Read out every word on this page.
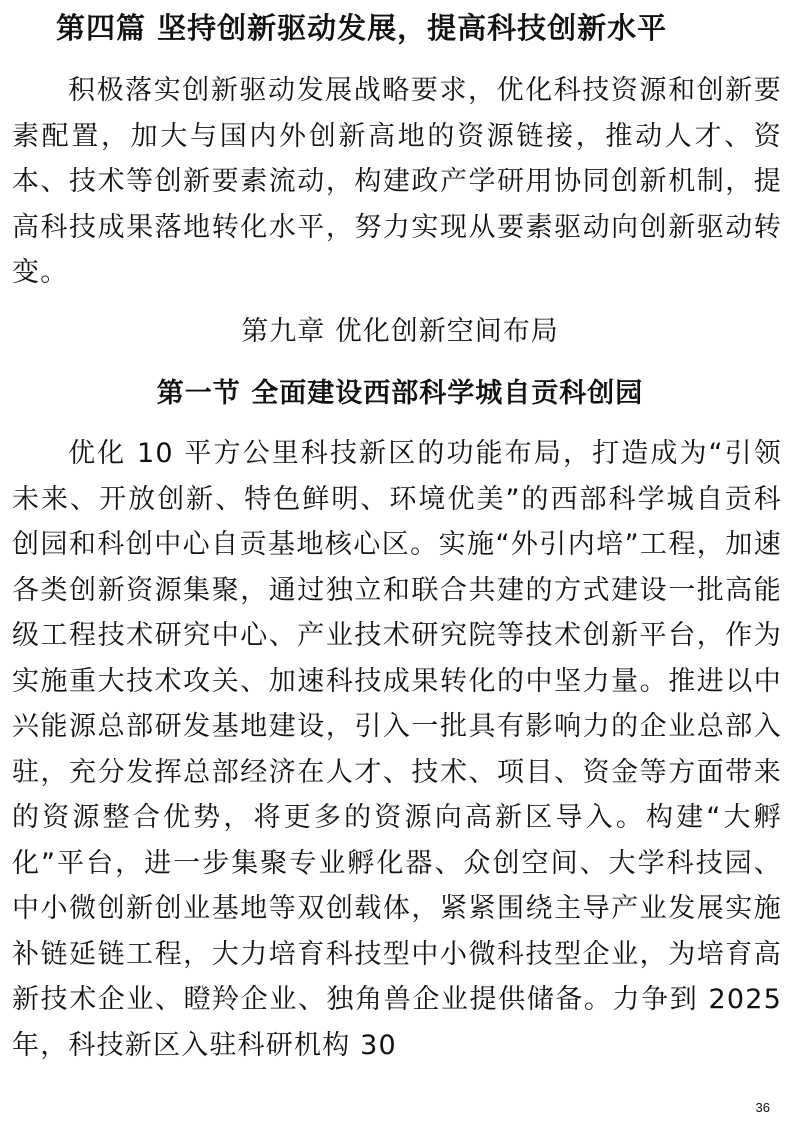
第四篇 坚持创新驱动发展，提高科技创新水平

积极落实创新驱动发展战略要求，优化科技资源和创新要素配置，加大与国内外创新高地的资源链接，推动人才、资本、技术等创新要素流动，构建政产学研用协同创新机制，提高科技成果落地转化水平，努力实现从要素驱动向创新驱动转变。

第九章 优化创新空间布局
第一节 全面建设西部科学城自贡科创园

优化 10 平方公里科技新区的功能布局，打造成为“引领未来、开放创新、特色鲜明、环境优美”的西部科学城自贡科创园和科创中心自贡基地核心区。实施“外引内培”工程，加速各类创新资源集聚，通过独立和联合共建的方式建设一批高能级工程技术研究中心、产业技术研究院等技术创新平台，作为实施重大技术攻关、加速科技成果转化的中坚力量。推进以中兴能源总部研发基地建设，引入一批具有影响力的企业总部入驻，充分发挥总部经济在人才、技术、项目、资金等方面带来的资源整合优势，将更多的资源向高新区导入。构建“大孵化”平台，进一步集聚专业孵化器、众创空间、大学科技园、中小微创新创业基地等双创载体，紧紧围绕主导产业发展实施补链延链工程，大力培育科技型中小微科技型企业，为培育高新技术企业、瞪羚企业、独角兽企业提供储备。力争到 2025 年，科技新区入驻科研机构 30

36
